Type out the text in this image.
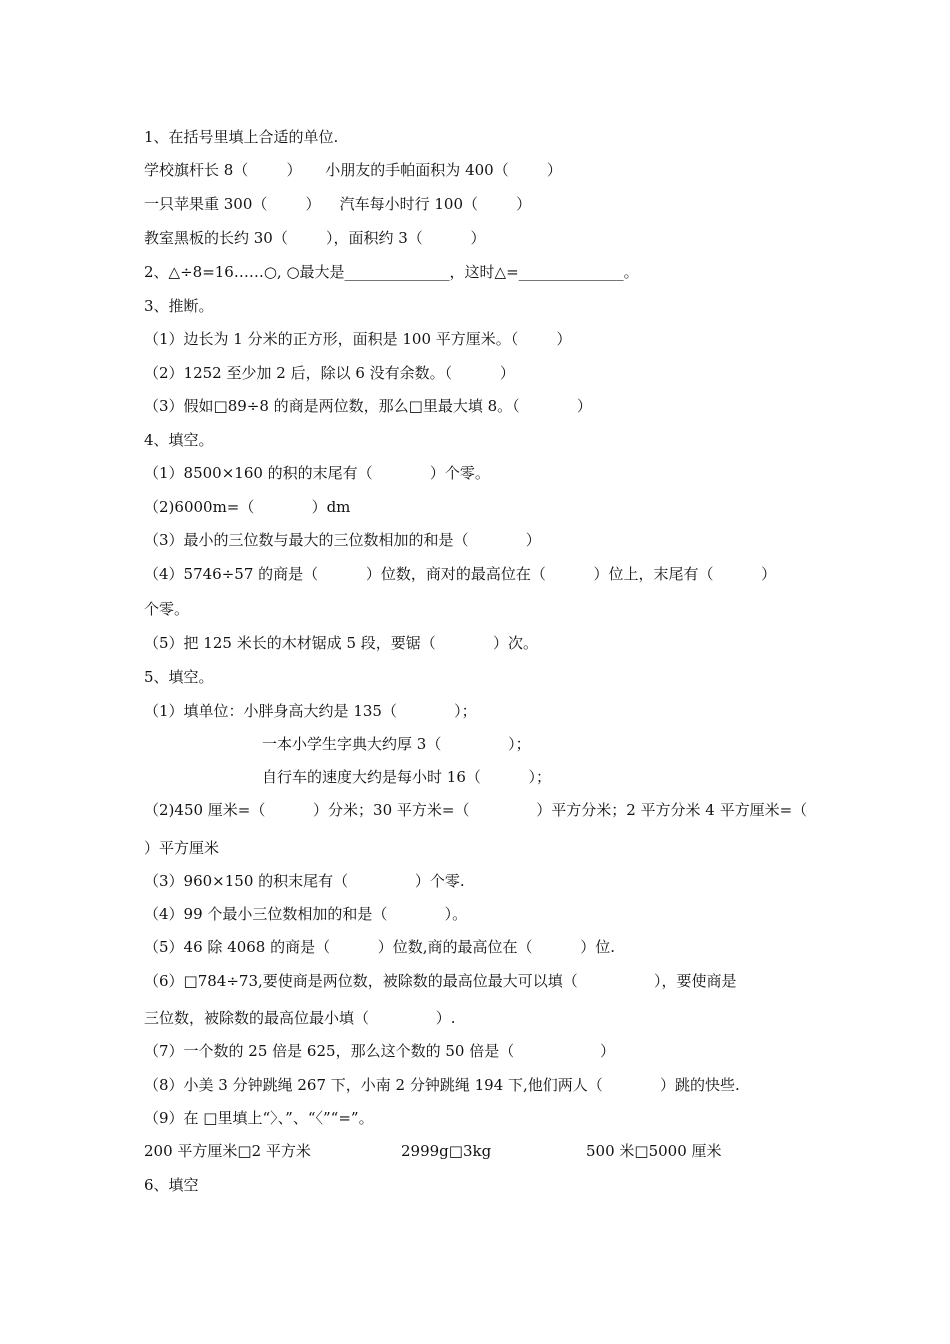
1、在括号里填上合适的单位.
学校旗杆长 8（        ）     小朋友的手帕面积为 400（        ）
一只苹果重 300（        ）    汽车每小时行 100（        ）
教室黑板的长约 30（        ），面积约 3（          ）
2、△÷8=16……○, ○最大是______________，这时△=______________。
3、推断。
（1）边长为 1 分米的正方形，面积是 100 平方厘米。（        ）
（2）1252 至少加 2 后，除以 6 没有余数。（          ）
（3）假如□89÷8 的商是两位数，那么□里最大填 8。（            ）
4、填空。
（1）8500×160 的积的末尾有（            ）个零。
（2)6000m=（            ）dm
（3）最小的三位数与最大的三位数相加的和是（            ）
（4）5746÷57 的商是（          ）位数，商对的最高位在（          ）位上，末尾有（          ）
个零。
（5）把 125 米长的木材锯成 5 段，要锯（            ）次。
5、填空。
（1）填单位：小胖身高大约是 135（            ）；
一本小学生字典大约厚 3（              ）；
自行车的速度大约是每小时 16（          ）；
（2)450 厘米=（          ）分米；30 平方米=（              ）平方分米；2 平方分米 4 平方厘米=（
）平方厘米
（3）960×150 的积末尾有（              ）个零.
（4）99 个最小三位数相加的和是（            ）。
（5）46 除 4068 的商是（          ）位数,商的最高位在（          ）位.
（6）□784÷73,要使商是两位数，被除数的最高位最大可以填（                ），要使商是
三位数，被除数的最高位最小填（              ）.
（7）一个数的 25 倍是 625，那么这个数的 50 倍是（                  ）
（8）小美 3 分钟跳绳 267 下，小南 2 分钟跳绳 194 下,他们两人（            ）跳的快些.
（9）在 □里填上“〉、”、“〈”“=”。
200 平方厘米□2 平方米	2999g□3kg	500 米□5000 厘米
6、填空
